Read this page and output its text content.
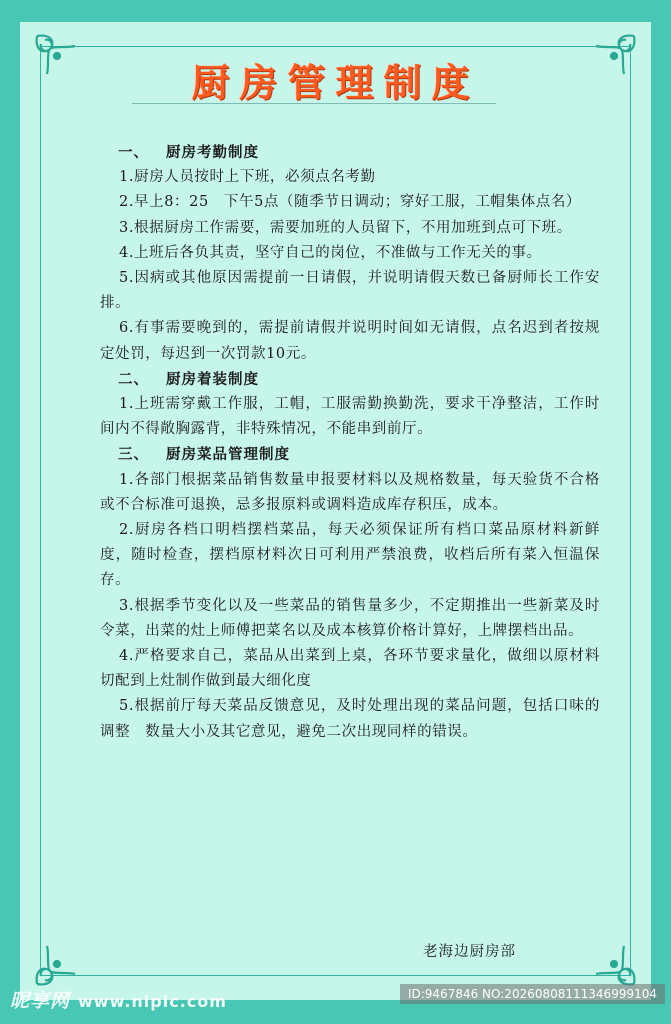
厨房管理制度
一、 厨房考勤制度
1.厨房人员按时上下班，必须点名考勤
2.早上8：25　下午5点（随季节日调动；穿好工服，工帽集体点名）
3.根据厨房工作需要，需要加班的人员留下，不用加班到点可下班。
4.上班后各负其责，坚守自己的岗位，不准做与工作无关的事。
5.因病或其他原因需提前一日请假，并说明请假天数已备厨师长工作安排。
6.有事需要晚到的，需提前请假并说明时间如无请假，点名迟到者按规定处罚，每迟到一次罚款10元。
二、 厨房着装制度
1.上班需穿戴工作服，工帽，工服需勤换勤洗，要求干净整洁，工作时间内不得敞胸露背，非特殊情况，不能串到前厅。
三、 厨房菜品管理制度
1.各部门根据菜品销售数量申报要材料以及规格数量，每天验货不合格或不合标准可退换，忌多报原料或调料造成库存积压，成本。
2.厨房各档口明档摆档菜品，每天必须保证所有档口菜品原材料新鲜度，随时检查，摆档原材料次日可利用严禁浪费，收档后所有菜入恒温保存。
3.根据季节变化以及一些菜品的销售量多少，不定期推出一些新菜及时令菜，出菜的灶上师傅把菜名以及成本核算价格计算好，上牌摆档出品。
4.严格要求自己，菜品从出菜到上桌，各环节要求量化，做细以原材料切配到上灶制作做到最大细化度
5.根据前厅每天菜品反馈意见，及时处理出现的菜品问题，包括口味的调整　数量大小及其它意见，避免二次出现同样的错误。
老海边厨房部
昵享网 www.nipic.com	ID:9467846 NO:20260808111346999104
